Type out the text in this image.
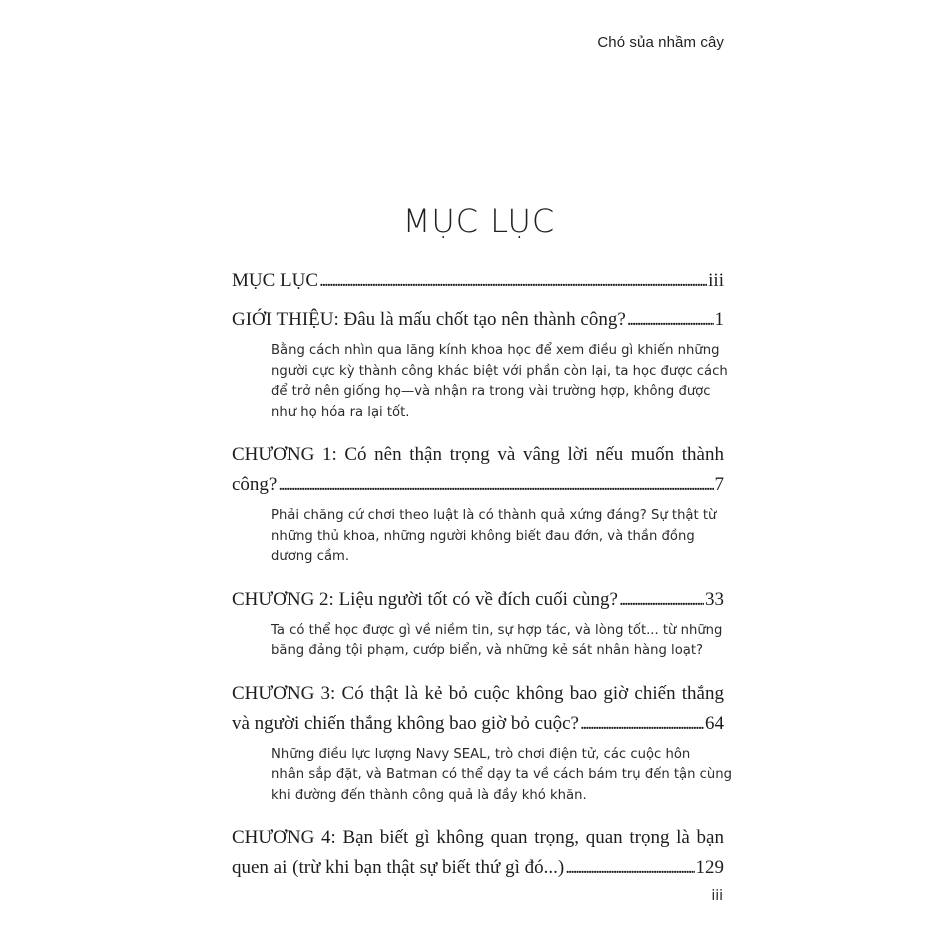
Chó sủa nhầm cây
MỤC LỤC
MỤC LỤC . . .	iii
GIỚI THIỆU: Đâu là mấu chốt tạo nên thành công? . . .	1
Bằng cách nhìn qua lăng kính khoa học để xem điều gì khiến những
người cực kỳ thành công khác biệt với phần còn lại, ta học được cách
để trở nên giống họ—và nhận ra trong vài trường hợp, không được
như họ hóa ra lại tốt.
CHƯƠNG 1: Có nên thận trọng và vâng lời nếu muốn thành
công? . . .	7
Phải chăng cứ chơi theo luật là có thành quả xứng đáng? Sự thật từ
những thủ khoa, những người không biết đau đớn, và thần đồng
dương cầm.
CHƯƠNG 2: Liệu người tốt có về đích cuối cùng? . . .	33
Ta có thể học được gì về niềm tin, sự hợp tác, và lòng tốt... từ những
băng đảng tội phạm, cướp biển, và những kẻ sát nhân hàng loạt?
CHƯƠNG 3: Có thật là kẻ bỏ cuộc không bao giờ chiến thắng
và người chiến thắng không bao giờ bỏ cuộc? . . .	64
Những điều lực lượng Navy SEAL, trò chơi điện tử, các cuộc hôn
nhân sắp đặt, và Batman có thể dạy ta về cách bám trụ đến tận cùng
khi đường đến thành công quả là đầy khó khăn.
CHƯƠNG 4: Bạn biết gì không quan trọng, quan trọng là bạn
quen ai (trừ khi bạn thật sự biết thứ gì đó...) . . .	129
iii
